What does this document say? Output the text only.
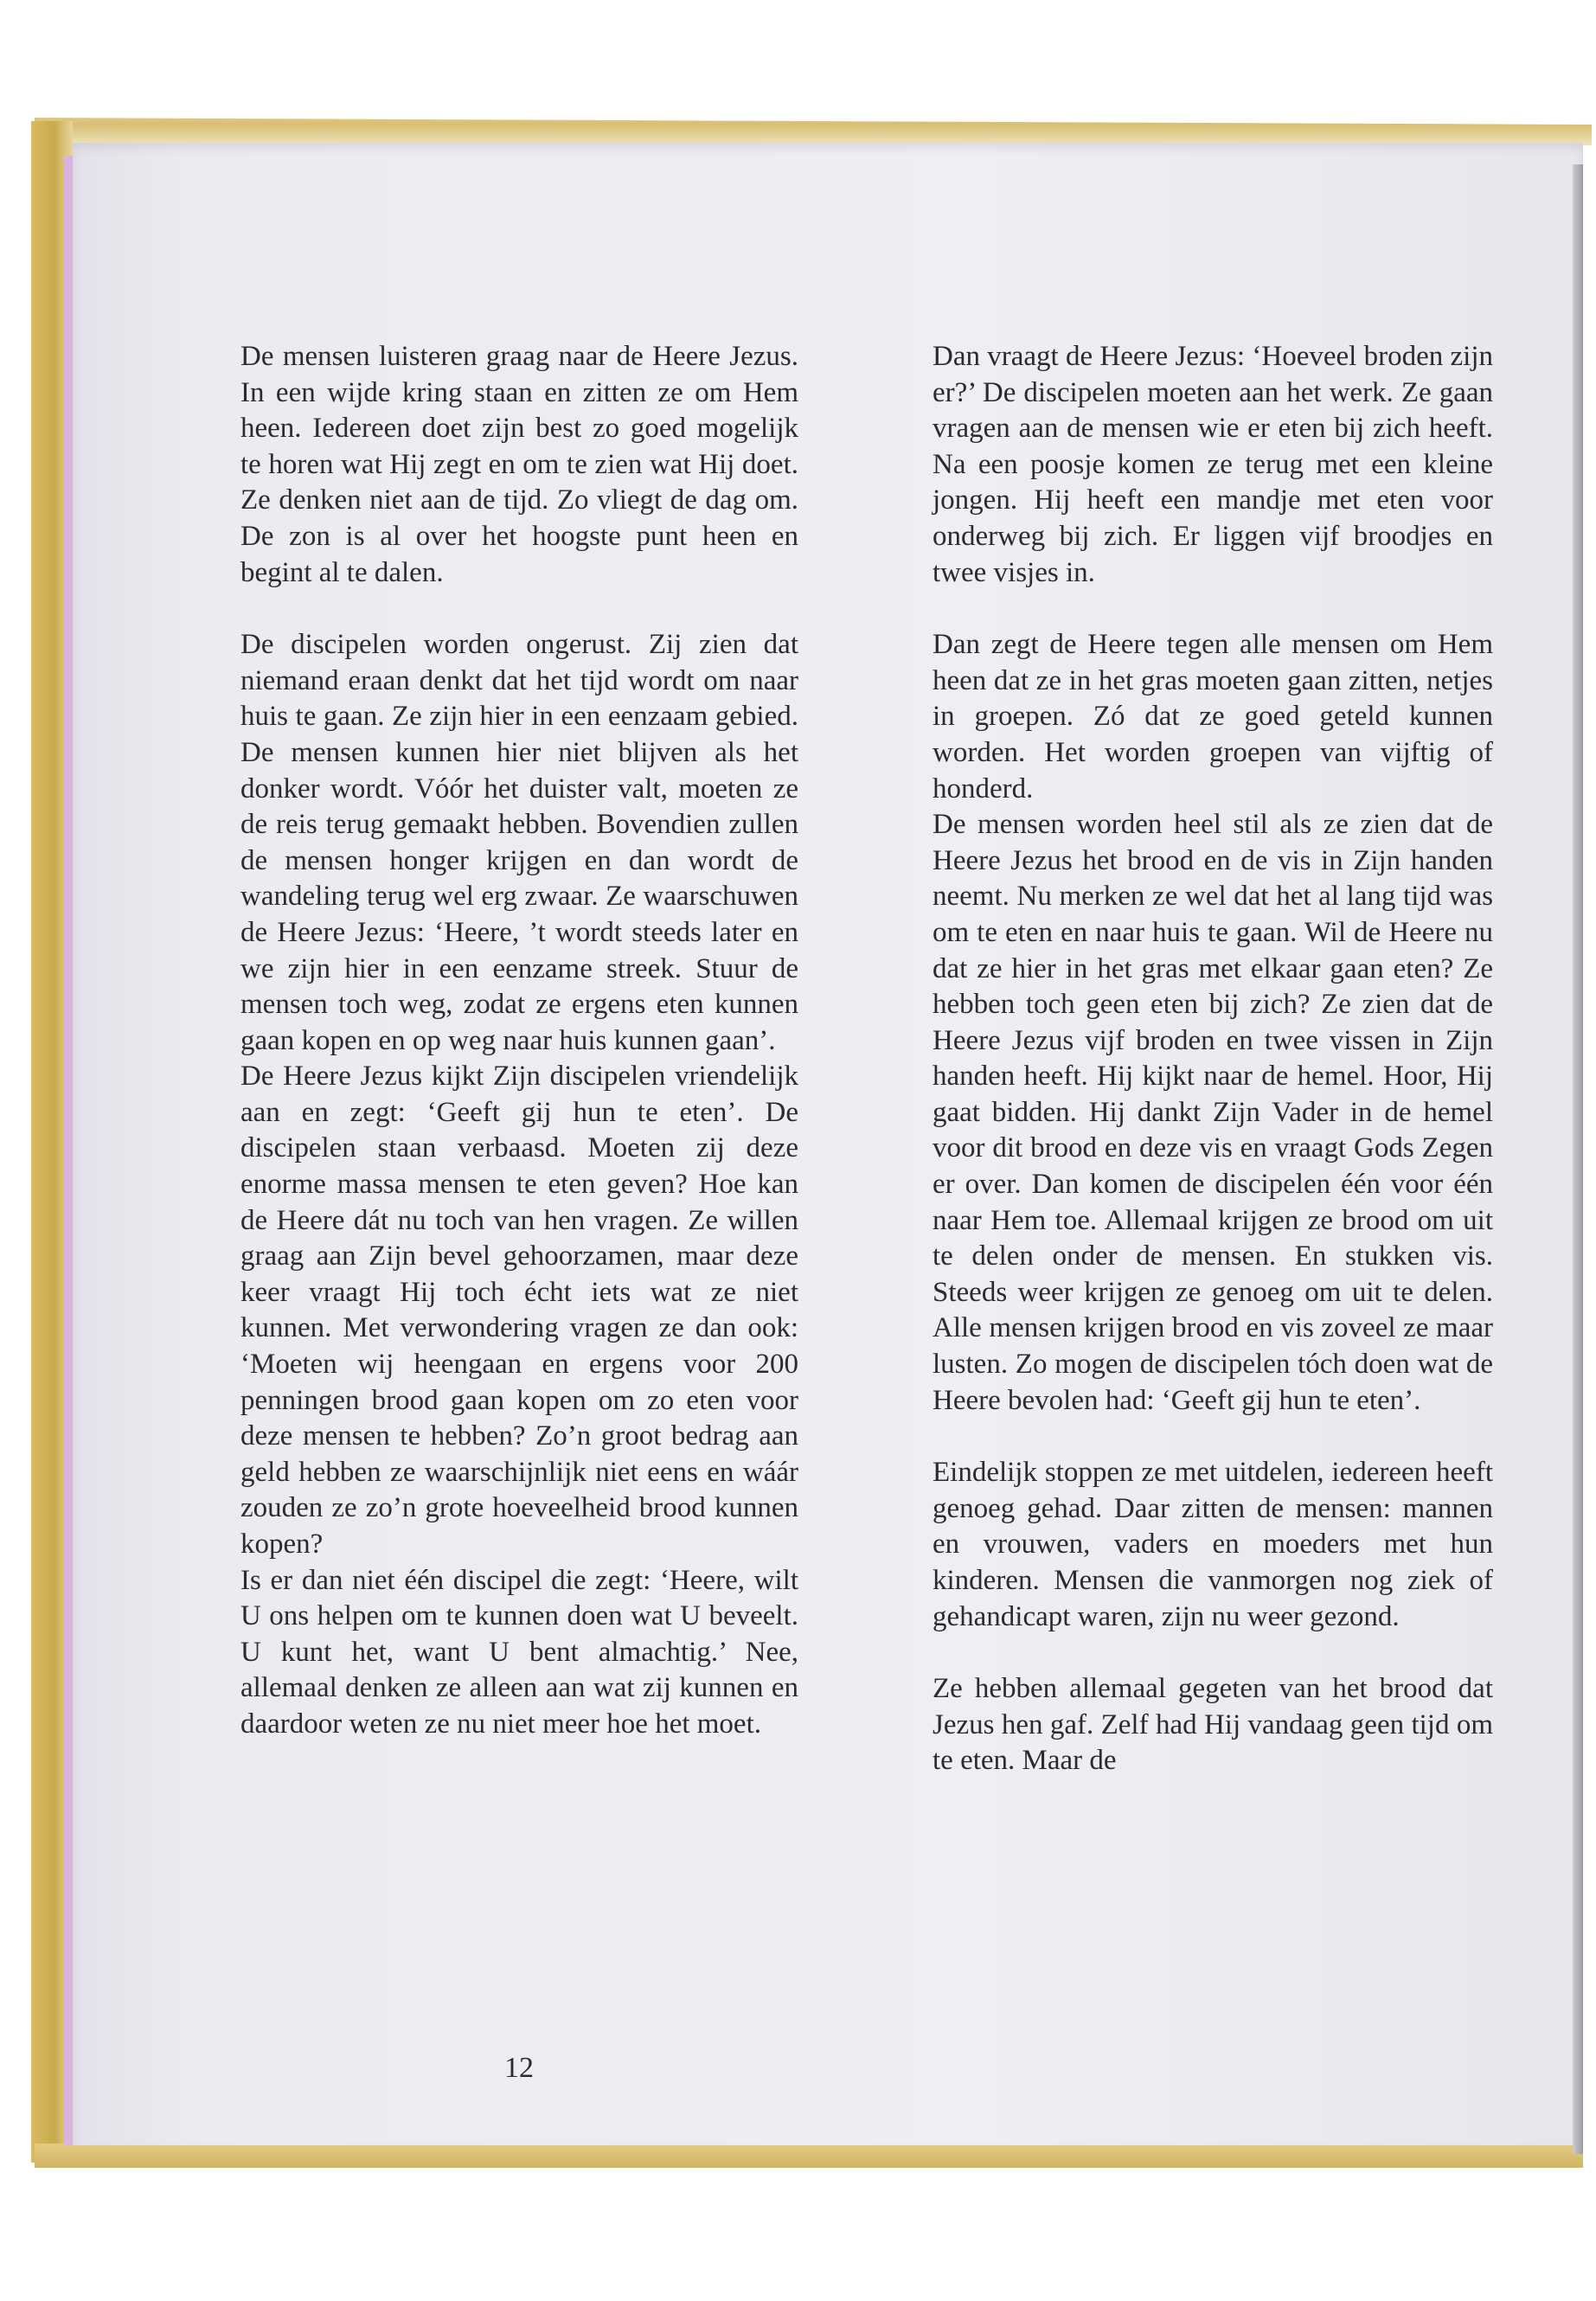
De mensen luisteren graag naar de Heere Jezus. In een wijde kring staan en zitten ze om Hem heen. Iedereen doet zijn best zo goed mogelijk te horen wat Hij zegt en om te zien wat Hij doet. Ze denken niet aan de tijd. Zo vliegt de dag om. De zon is al over het hoogste punt heen en begint al te dalen.

De discipelen worden ongerust. Zij zien dat niemand eraan denkt dat het tijd wordt om naar huis te gaan. Ze zijn hier in een eenzaam gebied. De mensen kunnen hier niet blijven als het donker wordt. Vóór het duister valt, moeten ze de reis terug gemaakt hebben. Bovendien zullen de mensen honger krijgen en dan wordt de wandeling terug wel erg zwaar. Ze waarschuwen de Heere Jezus: ‘Heere, ’t wordt steeds later en we zijn hier in een eenzame streek. Stuur de mensen toch weg, zodat ze ergens eten kunnen gaan kopen en op weg naar huis kunnen gaan’.

De Heere Jezus kijkt Zijn discipelen vriendelijk aan en zegt: ‘Geeft gij hun te eten’. De discipelen staan verbaasd. Moeten zij deze enorme massa mensen te eten geven? Hoe kan de Heere dát nu toch van hen vragen. Ze willen graag aan Zijn bevel gehoorzamen, maar deze keer vraagt Hij toch écht iets wat ze niet kunnen. Met verwondering vragen ze dan ook: ‘Moeten wij heengaan en ergens voor 200 penningen brood gaan kopen om zo eten voor deze mensen te hebben? Zo’n groot bedrag aan geld hebben ze waarschijnlijk niet eens en wáár zouden ze zo’n grote hoeveelheid brood kunnen kopen?

Is er dan niet één discipel die zegt: ‘Heere, wilt U ons helpen om te kunnen doen wat U beveelt. U kunt het, want U bent almachtig.’ Nee, allemaal denken ze alleen aan wat zij kunnen en daardoor weten ze nu niet meer hoe het moet.

Dan vraagt de Heere Jezus: ‘Hoeveel broden zijn er?’ De discipelen moeten aan het werk. Ze gaan vragen aan de mensen wie er eten bij zich heeft. Na een poosje komen ze terug met een kleine jongen. Hij heeft een mandje met eten voor onderweg bij zich. Er liggen vijf broodjes en twee visjes in.

Dan zegt de Heere tegen alle mensen om Hem heen dat ze in het gras moeten gaan zitten, netjes in groepen. Zó dat ze goed geteld kunnen worden. Het worden groepen van vijftig of honderd.

De mensen worden heel stil als ze zien dat de Heere Jezus het brood en de vis in Zijn handen neemt. Nu merken ze wel dat het al lang tijd was om te eten en naar huis te gaan. Wil de Heere nu dat ze hier in het gras met elkaar gaan eten? Ze hebben toch geen eten bij zich? Ze zien dat de Heere Jezus vijf broden en twee vissen in Zijn handen heeft. Hij kijkt naar de hemel. Hoor, Hij gaat bidden. Hij dankt Zijn Vader in de hemel voor dit brood en deze vis en vraagt Gods Zegen er over. Dan komen de discipelen één voor één naar Hem toe. Allemaal krijgen ze brood om uit te delen onder de mensen. En stukken vis. Steeds weer krijgen ze genoeg om uit te delen. Alle mensen krijgen brood en vis zoveel ze maar lusten. Zo mogen de discipelen tóch doen wat de Heere bevolen had: ‘Geeft gij hun te eten’.

Eindelijk stoppen ze met uitdelen, iedereen heeft genoeg gehad. Daar zitten de mensen: mannen en vrouwen, vaders en moeders met hun kinderen. Mensen die vanmorgen nog ziek of gehandicapt waren, zijn nu weer gezond.

Ze hebben allemaal gegeten van het brood dat Jezus hen gaf. Zelf had Hij vandaag geen tijd om te eten. Maar de

12
